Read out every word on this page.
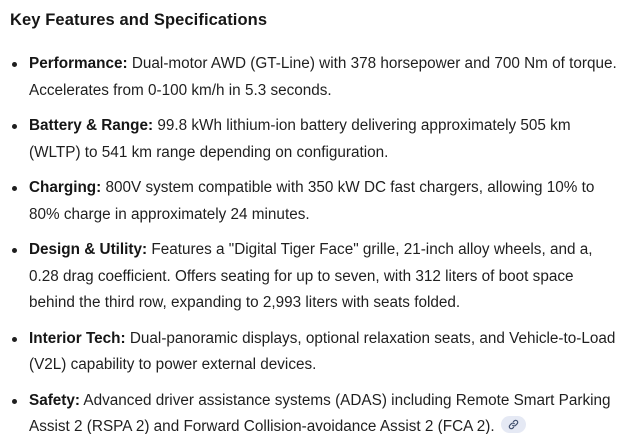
Key Features and Specifications
Performance: Dual-motor AWD (GT-Line) with 378 horsepower and 700 Nm of torque. Accelerates from 0-100 km/h in 5.3 seconds.
Battery & Range: 99.8 kWh lithium-ion battery delivering approximately 505 km (WLTP) to 541 km range depending on configuration.
Charging: 800V system compatible with 350 kW DC fast chargers, allowing 10% to 80% charge in approximately 24 minutes.
Design & Utility: Features a "Digital Tiger Face" grille, 21-inch alloy wheels, and a, 0.28 drag coefficient. Offers seating for up to seven, with 312 liters of boot space behind the third row, expanding to 2,993 liters with seats folded.
Interior Tech: Dual-panoramic displays, optional relaxation seats, and Vehicle-to-Load (V2L) capability to power external devices.
Safety: Advanced driver assistance systems (ADAS) including Remote Smart Parking Assist 2 (RSPA 2) and Forward Collision-avoidance Assist 2 (FCA 2).
